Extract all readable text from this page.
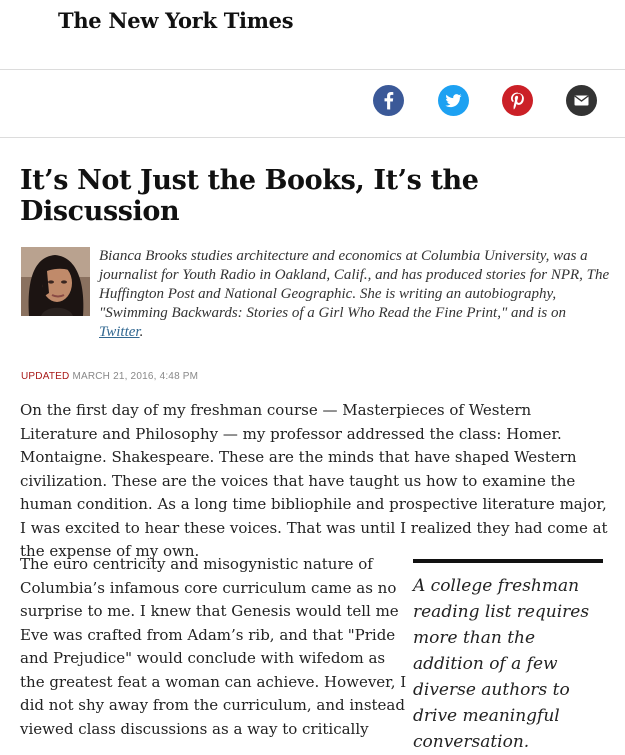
The New York Times
It’s Not Just the Books, It’s the Discussion

Bianca Brooks studies architecture and economics at Columbia University, was a journalist for Youth Radio in Oakland, Calif., and has produced stories for NPR, The Huffington Post and National Geographic. She is writing an autobiography, "Swimming Backwards: Stories of a Girl Who Read the Fine Print," and is on Twitter.

UPDATED MARCH 21, 2016, 4:48 PM

On the first day of my freshman course — Masterpieces of Western Literature and Philosophy — my professor addressed the class: Homer. Montaigne. Shakespeare. These are the minds that have shaped Western civilization. These are the voices that have taught us how to examine the human condition. As a long time bibliophile and prospective literature major, I was excited to hear these voices. That was until I realized they had come at the expense of my own.

The euro centricity and misogynistic nature of Columbia’s infamous core curriculum came as no surprise to me. I knew that Genesis would tell me Eve was crafted from Adam’s rib, and that "Pride and Prejudice" would conclude with wifedom as the greatest feat a woman can achieve. However, I did not shy away from the curriculum, and instead viewed class discussions as a way to critically

A college freshman reading list requires more than the addition of a few diverse authors to drive meaningful conversation.
